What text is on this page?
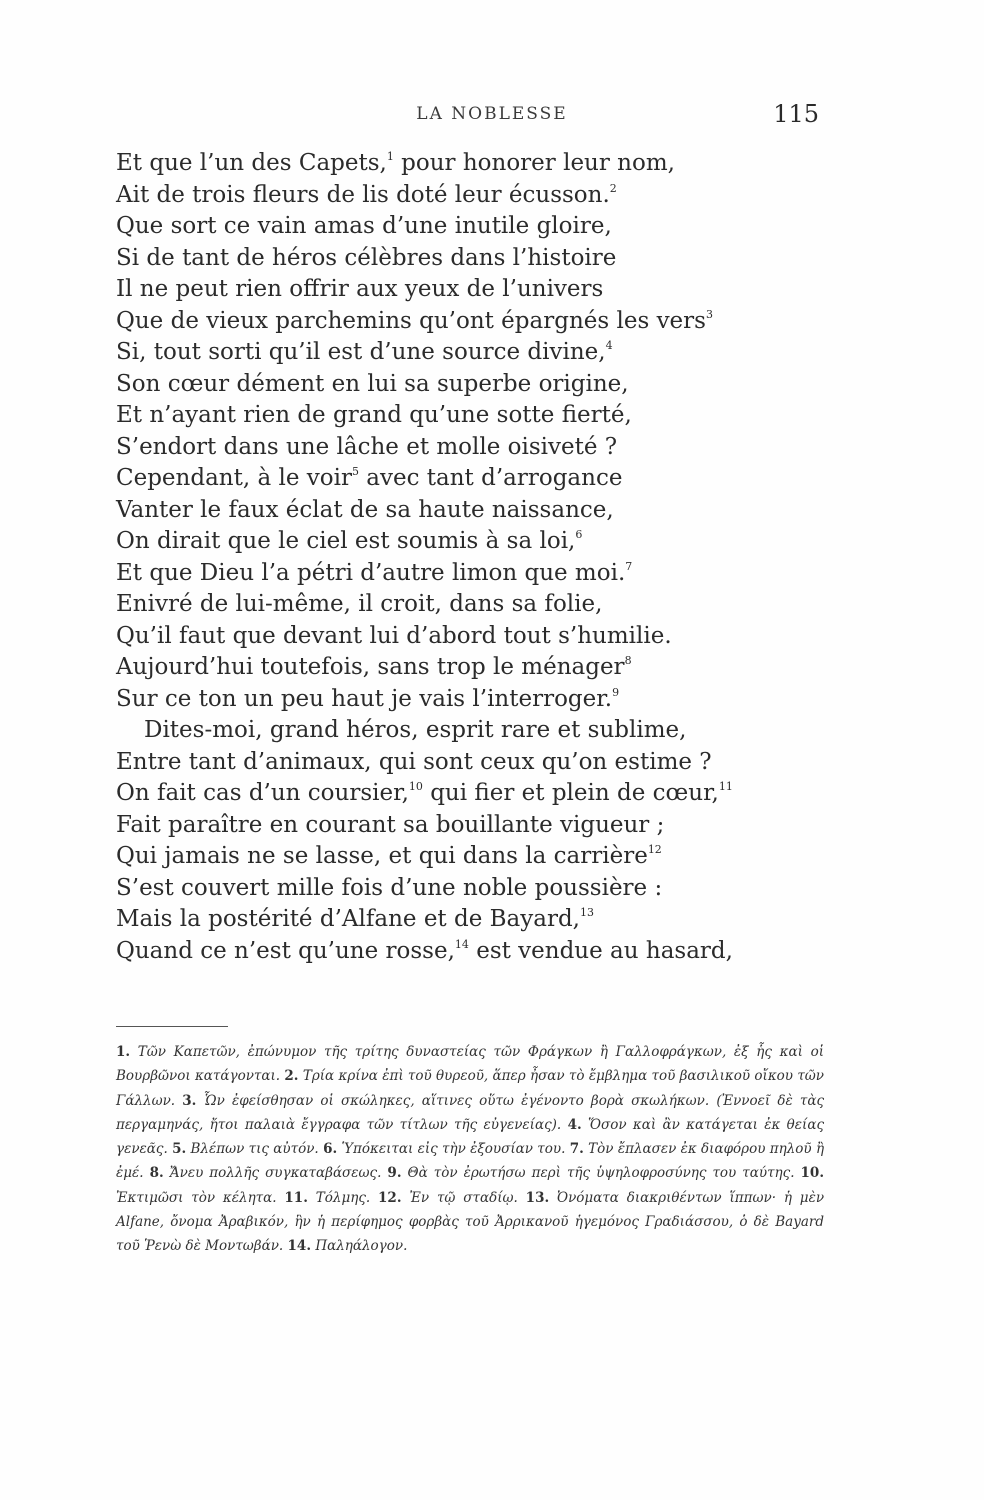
LA NOBLESSE	115
Et que l’un des Capets,$^1$ pour honorer leur nom,
Ait de trois fleurs de lis doté leur écusson.$^2$
Que sort ce vain amas d’une inutile gloire,
Si de tant de héros célèbres dans l’histoire
Il ne peut rien offrir aux yeux de l’univers
Que de vieux parchemins qu’ont épargnés les vers$^3$
Si, tout sorti qu’il est d’une source divine,$^4$
Son cœur dément en lui sa superbe origine,
Et n’ayant rien de grand qu’une sotte fierté,
S’endort dans une lâche et molle oisiveté ?
Cependant, à le voir$^5$ avec tant d’arrogance
Vanter le faux éclat de sa haute naissance,
On dirait que le ciel est soumis à sa loi,$^6$
Et que Dieu l’a pétri d’autre limon que moi.$^7$
Enivré de lui-même, il croit, dans sa folie,
Qu’il faut que devant lui d’abord tout s’humilie.
Aujourd’hui toutefois, sans trop le ménager$^8$
Sur ce ton un peu haut je vais l’interroger.$^9$
Dites-moi, grand héros, esprit rare et sublime,
Entre tant d’animaux, qui sont ceux qu’on estime ?
On fait cas d’un coursier,$^{10}$ qui fier et plein de cœur,$^{11}$
Fait paraître en courant sa bouillante vigueur ;
Qui jamais ne se lasse, et qui dans la carrière$^{12}$
S’est couvert mille fois d’une noble poussière :
Mais la postérité d’Alfane et de Bayard,$^{13}$
Quand ce n’est qu’une rosse,$^{14}$ est vendue au hasard,
1. Τῶν Καπετῶν, ἐπώνυμον τῆς τρίτης δυναστείας τῶν Φράγκων ἢ Γαλλοφράγκων, ἐξ ἧς καὶ οἱ Βουρβῶνοι κατάγονται. 2. Τρία κρίνα ἐπὶ τοῦ θυρεοῦ, ἅπερ ἦσαν τὸ ἔμβλημα τοῦ βασιλικοῦ οἴκου τῶν Γάλλων. 3. Ὧν ἐφείσθησαν οἱ σκώληκες, αἵτινες οὕτω ἐγένοντο βορὰ σκωλήκων. (Ἐννοεῖ δὲ τὰς περγαμηνάς, ἤτοι παλαιὰ ἔγγραφα τῶν τίτλων τῆς εὐγενείας). 4. Ὅσον καὶ ἂν κατάγεται ἐκ θείας γενεᾶς. 5. Βλέπων τις αὐτόν. 6. Ὑπόκειται εἰς τὴν ἐξουσίαν του. 7. Τὸν ἔπλασεν ἐκ διαφόρου πηλοῦ ἢ ἐμέ. 8. Ἄνευ πολλῆς συγκαταβάσεως. 9. Θὰ τὸν ἐρωτήσω περὶ τῆς ὑψηλοφροσύνης του ταύτης. 10. Ἐκτιμῶσι τὸν κέλητα. 11. Τόλμης. 12. Ἐν τῷ σταδίῳ. 13. Ὀνόματα διακριθέντων ἵππων· ἡ μὲν Alfane, ὄνομα Ἀραβικόν, ἣν ἡ περίφημος φορβὰς τοῦ Ἀρρικανοῦ ἡγεμόνος Γραδιάσσου, ὁ δὲ Bayard τοῦ Ῥενὼ δὲ Μοντωβάν. 14. Παληάλογον.
